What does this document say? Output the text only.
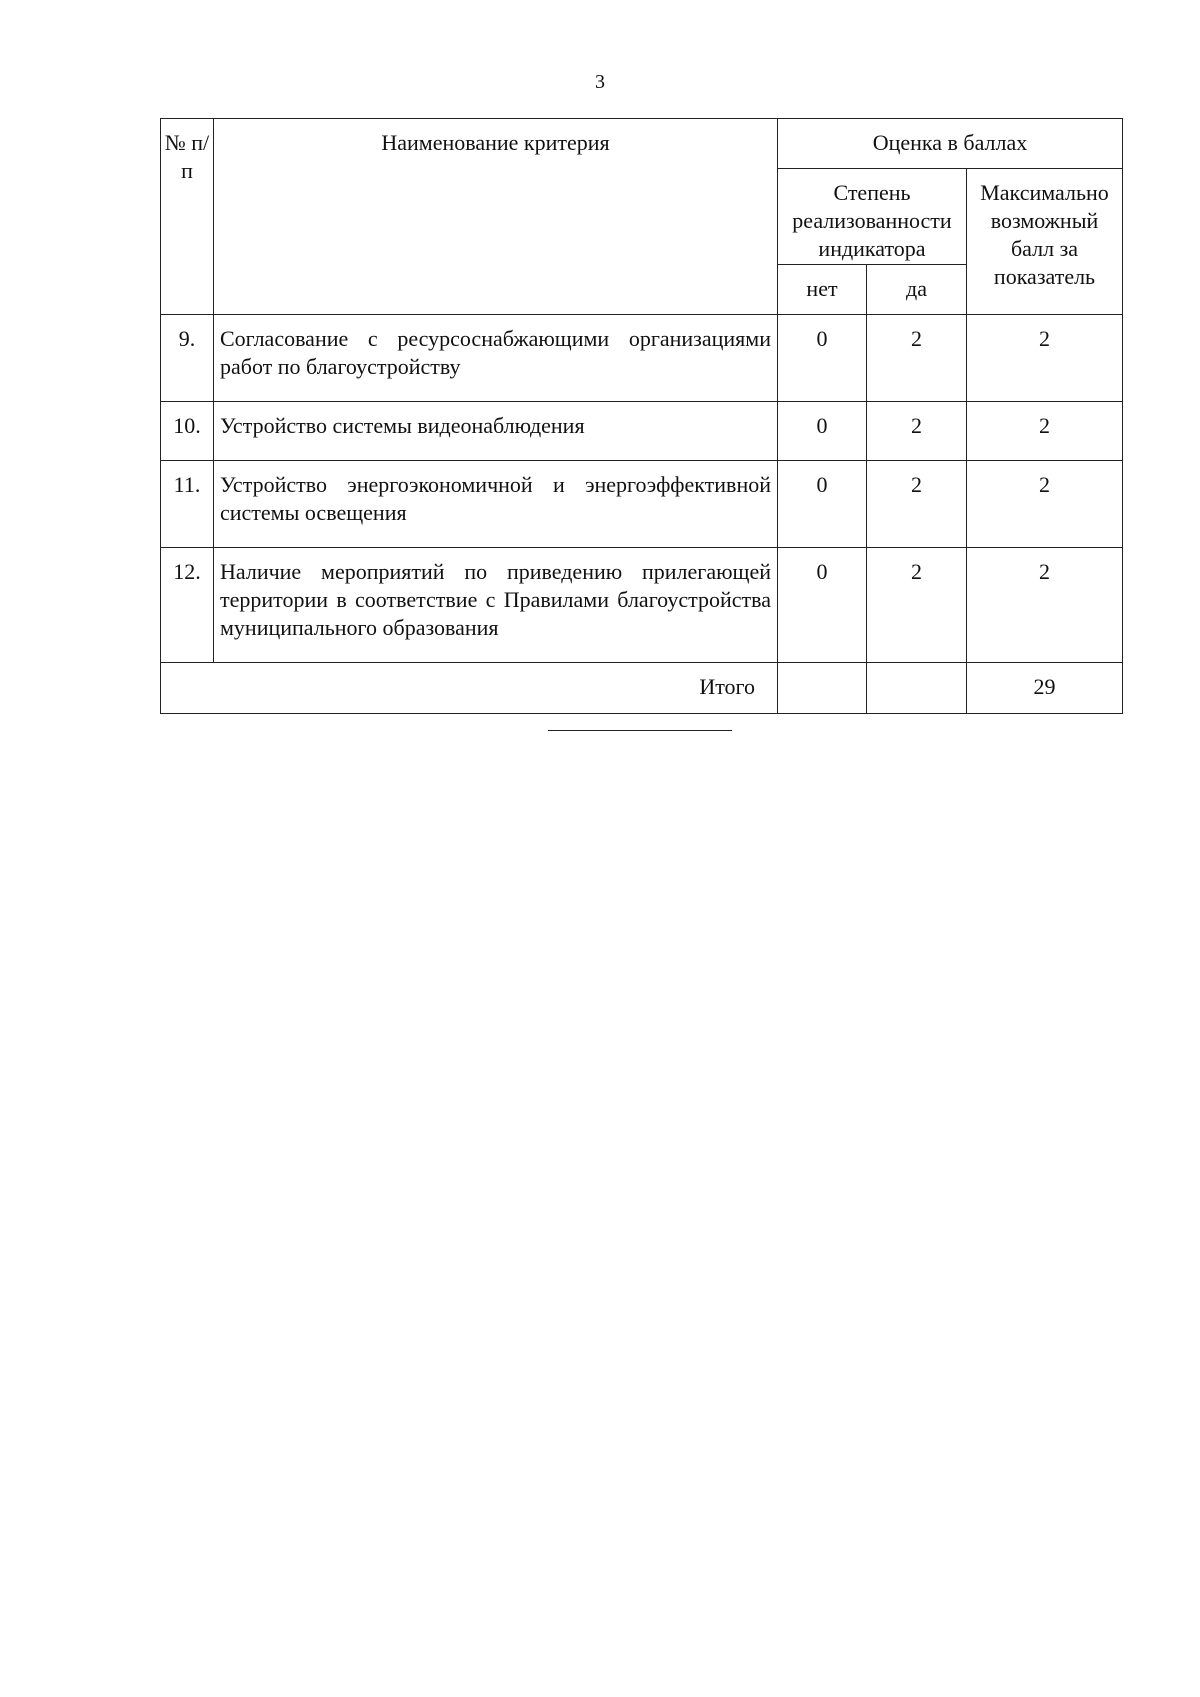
3
№ п/п	Наименование критерия	Оценка в баллах		
		Степень реализованности индикатора		Максимально возможный балл за показатель
		нет	да	
9.	Согласование с ресурсоснабжающими организациями работ по благоустройству	0	2	2
10.	Устройство системы видеонаблюдения	0	2	2
11.	Устройство энергоэкономичной и энергоэффективной системы освещения	0	2	2
12.	Наличие мероприятий по приведению прилегающей территории в соответствие с Правилами благоустройства муниципального образования	0	2	2
Итого				29
